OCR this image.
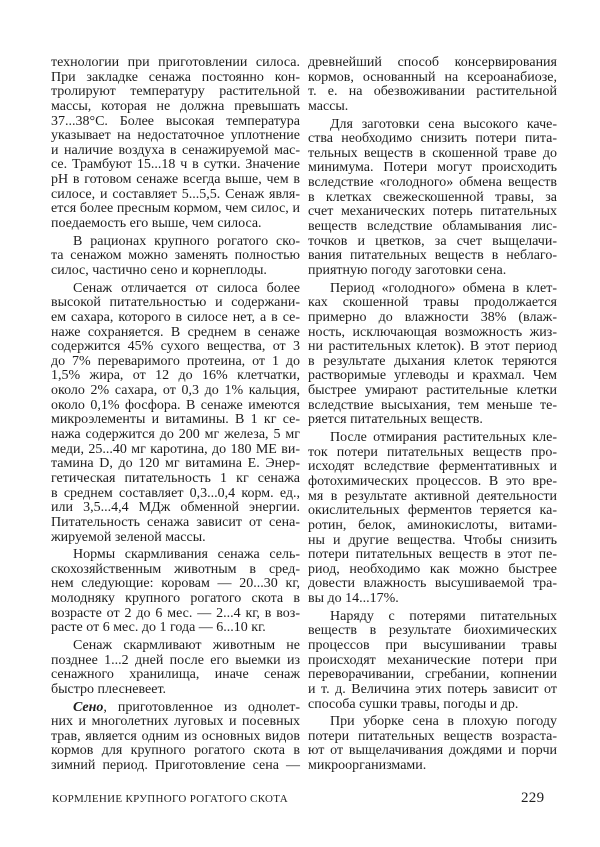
технологии при приготовлении силоса.
При закладке сенажа постоянно кон-
тролируют температуру растительной
массы, которая не должна превышать
37...38°С. Более высокая температура
указывает на недостаточное уплотнение
и наличие воздуха в сенажируемой мас-
се. Трамбуют 15...18 ч в сутки. Значение
рН в готовом сенаже всегда выше, чем в
силосе, и составляет 5...5,5. Сенаж явля-
ется более пресным кормом, чем силос, и
поедаемость его выше, чем силоса.
В рационах крупного рогатого ско-
та сенажом можно заменять полностью
силос, частично сено и корнеплоды.
Сенаж отличается от силоса более
высокой питательностью и содержани-
ем сахара, которого в силосе нет, а в се-
наже сохраняется. В среднем в сенаже
содержится 45% сухого вещества, от 3
до 7% переваримого протеина, от 1 до
1,5% жира, от 12 до 16% клетчатки,
около 2% сахара, от 0,3 до 1% кальция,
около 0,1% фосфора. В сенаже имеются
микроэлементы и витамины. В 1 кг се-
нажа содержится до 200 мг железа, 5 мг
меди, 25...40 мг каротина, до 180 МЕ ви-
тамина D, до 120 мг витамина Е. Энер-
гетическая питательность 1 кг сенажа
в среднем составляет 0,3...0,4 корм. ед.,
или 3,5...4,4 МДж обменной энергии.
Питательность сенажа зависит от сена-
жируемой зеленой массы.
Нормы скармливания сенажа сель-
скохозяйственным животным в сред-
нем следующие: коровам — 20...30 кг,
молодняку крупного рогатого скота в
возрасте от 2 до 6 мес. — 2...4 кг, в воз-
расте от 6 мес. до 1 года — 6...10 кг.
Сенаж скармливают животным не
позднее 1...2 дней после его выемки из
сенажного хранилища, иначе сенаж
быстро плесневеет.
Сено, приготовленное из однолет-
них и многолетних луговых и посевных
трав, является одним из основных видов
кормов для крупного рогатого скота в
зимний период. Приготовление сена —
древнейший способ консервирования
кормов, основанный на ксероанабиозе,
т. е. на обезвоживании растительной
массы.
Для заготовки сена высокого каче-
ства необходимо снизить потери пита-
тельных веществ в скошенной траве до
минимума. Потери могут происходить
вследствие «голодного» обмена веществ
в клетках свежескошенной травы, за
счет механических потерь питательных
веществ вследствие обламывания лис-
точков и цветков, за счет выщелачи-
вания питательных веществ в неблаго-
приятную погоду заготовки сена.
Период «голодного» обмена в клет-
ках скошенной травы продолжается
примерно до влажности 38% (влаж-
ность, исключающая возможность жиз-
ни растительных клеток). В этот период
в результате дыхания клеток теряются
растворимые углеводы и крахмал. Чем
быстрее умирают растительные клетки
вследствие высыхания, тем меньше те-
ряется питательных веществ.
После отмирания растительных кле-
ток потери питательных веществ про-
исходят вследствие ферментативных и
фотохимических процессов. В это вре-
мя в результате активной деятельности
окислительных ферментов теряется ка-
ротин, белок, аминокислоты, витами-
ны и другие вещества. Чтобы снизить
потери питательных веществ в этот пе-
риод, необходимо как можно быстрее
довести влажность высушиваемой тра-
вы до 14...17%.
Наряду с потерями питательных
веществ в результате биохимических
процессов при высушивании травы
происходят механические потери при
переворачивании, сгребании, копнении
и т. д. Величина этих потерь зависит от
способа сушки травы, погоды и др.
При уборке сена в плохую погоду
потери питательных веществ возраста-
ют от выщелачивания дождями и порчи
микроорганизмами.
КОРМЛЕНИЕ КРУПНОГО РОГАТОГО СКОТА	229
